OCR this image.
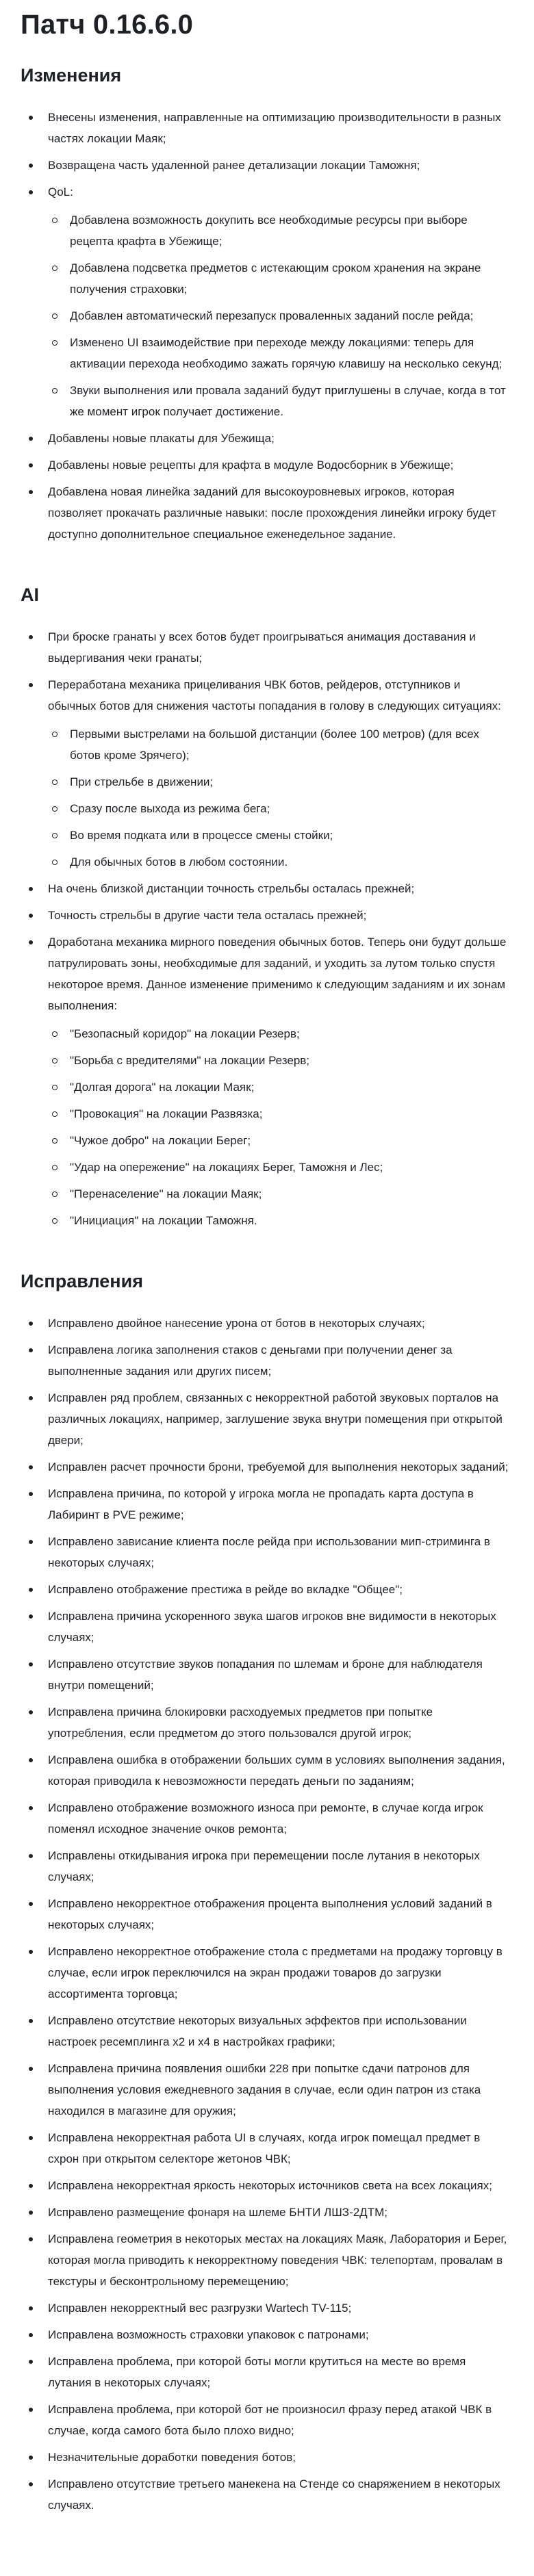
Патч 0.16.6.0
Изменения
Внесены изменения, направленные на оптимизацию производительности в разных частях локации Маяк;
Возвращена часть удаленной ранее детализации локации Таможня;
QoL:
Добавлена возможность докупить все необходимые ресурсы при выборе рецепта крафта в Убежище;
Добавлена подсветка предметов с истекающим сроком хранения на экране получения страховки;
Добавлен автоматический перезапуск проваленных заданий после рейда;
Изменено UI взаимодействие при переходе между локациями: теперь для активации перехода необходимо зажать горячую клавишу на несколько секунд;
Звуки выполнения или провала заданий будут приглушены в случае, когда в тот же момент игрок получает достижение.
Добавлены новые плакаты для Убежища;
Добавлены новые рецепты для крафта в модуле Водосборник в Убежище;
Добавлена новая линейка заданий для высокоуровневых игроков, которая позволяет прокачать различные навыки: после прохождения линейки игроку будет доступно дополнительное специальное еженедельное задание.
AI
При броске гранаты у всех ботов будет проигрываться анимация доставания и выдергивания чеки гранаты;
Переработана механика прицеливания ЧВК ботов, рейдеров, отступников и обычных ботов для снижения частоты попадания в голову в следующих ситуациях:
Первыми выстрелами на большой дистанции (более 100 метров) (для всех ботов кроме Зрячего);
При стрельбе в движении;
Сразу после выхода из режима бега;
Во время подката или в процессе смены стойки;
Для обычных ботов в любом состоянии.
На очень близкой дистанции точность стрельбы осталась прежней;
Точность стрельбы в другие части тела осталась прежней;
Доработана механика мирного поведения обычных ботов. Теперь они будут дольше патрулировать зоны, необходимые для заданий, и уходить за лутом только спустя некоторое время. Данное изменение применимо к следующим заданиям и их зонам выполнения:
"Безопасный коридор" на локации Резерв;
"Борьба с вредителями" на локации Резерв;
"Долгая дорога" на локации Маяк;
"Провокация" на локации Развязка;
"Чужое добро" на локации Берег;
"Удар на опережение" на локациях Берег, Таможня и Лес;
"Перенаселение" на локации Маяк;
"Инициация" на локации Таможня.
Исправления
Исправлено двойное нанесение урона от ботов в некоторых случаях;
Исправлена логика заполнения стаков с деньгами при получении денег за выполненные задания или других писем;
Исправлен ряд проблем, связанных с некорректной работой звуковых порталов на различных локациях, например, заглушение звука внутри помещения при открытой двери;
Исправлен расчет прочности брони, требуемой для выполнения некоторых заданий;
Исправлена причина, по которой у игрока могла не пропадать карта доступа в Лабиринт в PVE режиме;
Исправлено зависание клиента после рейда при использовании мип-стриминга в некоторых случаях;
Исправлено отображение престижа в рейде во вкладке "Общее";
Исправлена причина ускоренного звука шагов игроков вне видимости в некоторых случаях;
Исправлено отсутствие звуков попадания по шлемам и броне для наблюдателя внутри помещений;
Исправлена причина блокировки расходуемых предметов при попытке употребления, если предметом до этого пользовался другой игрок;
Исправлена ошибка в отображении больших сумм в условиях выполнения задания, которая приводила к невозможности передать деньги по заданиям;
Исправлено отображение возможного износа при ремонте, в случае когда игрок поменял исходное значение очков ремонта;
Исправлены откидывания игрока при перемещении после лутания в некоторых случаях;
Исправлено некорректное отображения процента выполнения условий заданий в некоторых случаях;
Исправлено некорректное отображение стола с предметами на продажу торговцу в случае, если игрок переключился на экран продажи товаров до загрузки ассортимента торговца;
Исправлено отсутствие некоторых визуальных эффектов при использовании настроек ресемплинга x2 и x4 в настройках графики;
Исправлена причина появления ошибки 228 при попытке сдачи патронов для выполнения условия ежедневного задания в случае, если один патрон из стака находился в магазине для оружия;
Исправлена некорректная работа UI в случаях, когда игрок помещал предмет в схрон при открытом селекторе жетонов ЧВК;
Исправлена некорректная яркость некоторых источников света на всех локациях;
Исправлено размещение фонаря на шлеме БНТИ ЛШЗ-2ДТМ;
Исправлена геометрия в некоторых местах на локациях Маяк, Лаборатория и Берег, которая могла приводить к некорректному поведения ЧВК: телепортам, провалам в текстуры и бесконтрольному перемещению;
Исправлен некорректный вес разгрузки Wartech TV-115;
Исправлена возможность страховки упаковок с патронами;
Исправлена проблема, при которой боты могли крутиться на месте во время лутания в некоторых случаях;
Исправлена проблема, при которой бот не произносил фразу перед атакой ЧВК в случае, когда самого бота было плохо видно;
Незначительные доработки поведения ботов;
Исправлено отсутствие третьего манекена на Стенде со снаряжением в некоторых случаях.
